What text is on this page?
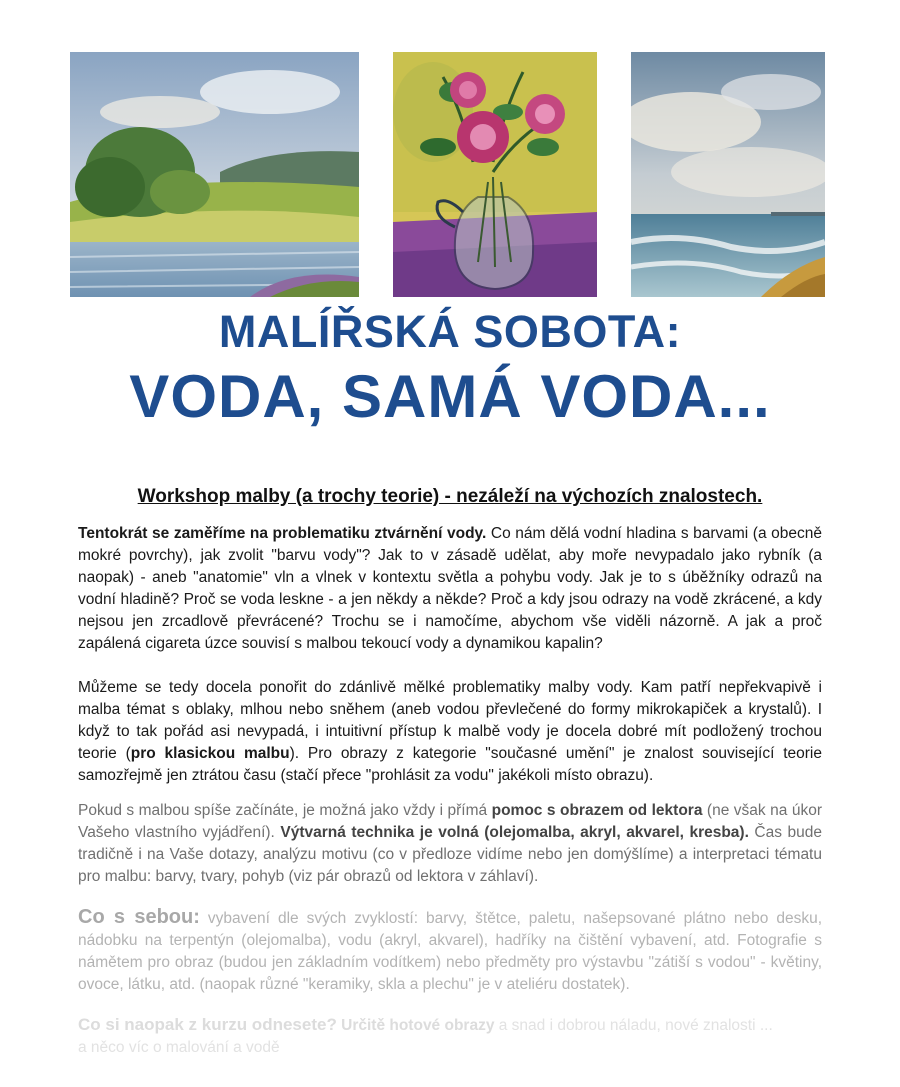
MALÍŘSKÁ SOBOTA:
VODA, SAMÁ VODA...
Workshop malby (a trochy teorie) - nezáleží na výchozích znalostech.

Tentokrát se zaměříme na problematiku ztvárnění vody. Co nám dělá vodní hladina s barvami (a obecně mokré povrchy), jak zvolit "barvu vody"? Jak to v zásadě udělat, aby moře nevypadalo jako rybník (a naopak) - aneb "anatomie" vln a vlnek v kontextu světla a pohybu vody. Jak je to s úběžníky odrazů na vodní hladině? Proč se voda leskne - a jen někdy a někde? Proč a kdy jsou odrazy na vodě zkrácené, a kdy nejsou jen zrcadlově převrácené? Trochu se i namočíme, abychom vše viděli názorně. A jak a proč zapálená cigareta úzce souvisí s malbou tekoucí vody a dynamikou kapalin?

Můžeme se tedy docela ponořit do zdánlivě mělké problematiky malby vody. Kam patří nepřekvapivě i malba témat s oblaky, mlhou nebo sněhem (aneb vodou převlečené do formy mikrokapiček a krystalů). I když to tak pořád asi nevypadá, i intuitivní přístup k malbě vody je docela dobré mít podložený trochou teorie (pro klasickou malbu). Pro obrazy z kategorie "současné umění" je znalost související teorie samozřejmě jen ztrátou času (stačí přece "prohlásit za vodu" jakékoli místo obrazu).

Pokud s malbou spíše začínáte, je možná jako vždy i přímá pomoc s obrazem od lektora (ne však na úkor Vašeho vlastního vyjádření). Výtvarná technika je volná (olejomalba, akryl, akvarel, kresba). Čas bude tradičně i na Vaše dotazy, analýzu motivu (co v předloze vidíme nebo jen domýšlíme) a interpretaci tématu pro malbu: barvy, tvary, pohyb (viz pár obrazů od lektora v záhlaví).

Co s sebou: vybavení dle svých zvyklostí: barvy, štětce, paletu, našepsované plátno nebo desku, nádobku na terpentýn (olejomalba), vodu (akryl, akvarel), hadříky na čištění vybavení, atd. Fotografie s námětem pro obraz (budou jen základním vodítkem) nebo předměty pro výstavbu "zátiší s vodou" - květiny, ovoce, látku, atd. (naopak různé "keramiky, skla a plechu" je v ateliéru dostatek).

Co si naopak z kurzu odnesete? Určitě hotové obrazy a snad i dobrou náladu, nové znalosti ...
a něco víc o malování a vodě
